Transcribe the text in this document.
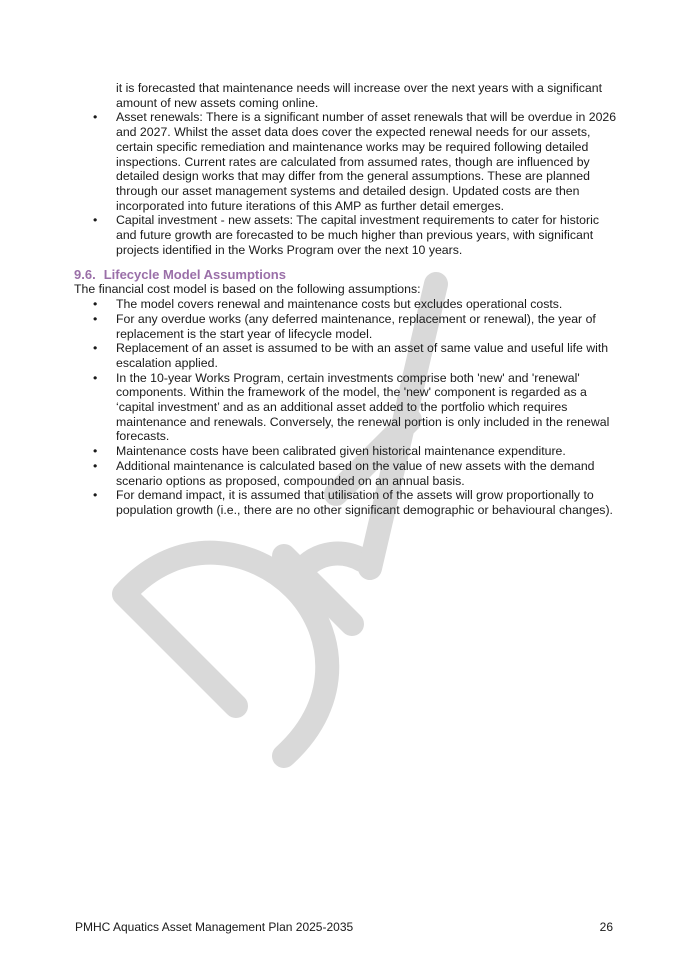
it is forecasted that maintenance needs will increase over the next years with a significant amount of new assets coming online.
• Asset renewals: There is a significant number of asset renewals that will be overdue in 2026 and 2027. Whilst the asset data does cover the expected renewal needs for our assets, certain specific remediation and maintenance works may be required following detailed inspections. Current rates are calculated from assumed rates, though are influenced by detailed design works that may differ from the general assumptions. These are planned through our asset management systems and detailed design. Updated costs are then incorporated into future iterations of this AMP as further detail emerges.
• Capital investment - new assets: The capital investment requirements to cater for historic and future growth are forecasted to be much higher than previous years, with significant projects identified in the Works Program over the next 10 years.
9.6. Lifecycle Model Assumptions
The financial cost model is based on the following assumptions:
• The model covers renewal and maintenance costs but excludes operational costs.
• For any overdue works (any deferred maintenance, replacement or renewal), the year of replacement is the start year of lifecycle model.
• Replacement of an asset is assumed to be with an asset of same value and useful life with escalation applied.
• In the 10-year Works Program, certain investments comprise both 'new' and 'renewal' components. Within the framework of the model, the 'new' component is regarded as a ‘capital investment’ and as an additional asset added to the portfolio which requires maintenance and renewals. Conversely, the renewal portion is only included in the renewal forecasts.
• Maintenance costs have been calibrated given historical maintenance expenditure.
• Additional maintenance is calculated based on the value of new assets with the demand scenario options as proposed, compounded on an annual basis.
• For demand impact, it is assumed that utilisation of the assets will grow proportionally to population growth (i.e., there are no other significant demographic or behavioural changes).
PMHC Aquatics Asset Management Plan 2025-2035	26
